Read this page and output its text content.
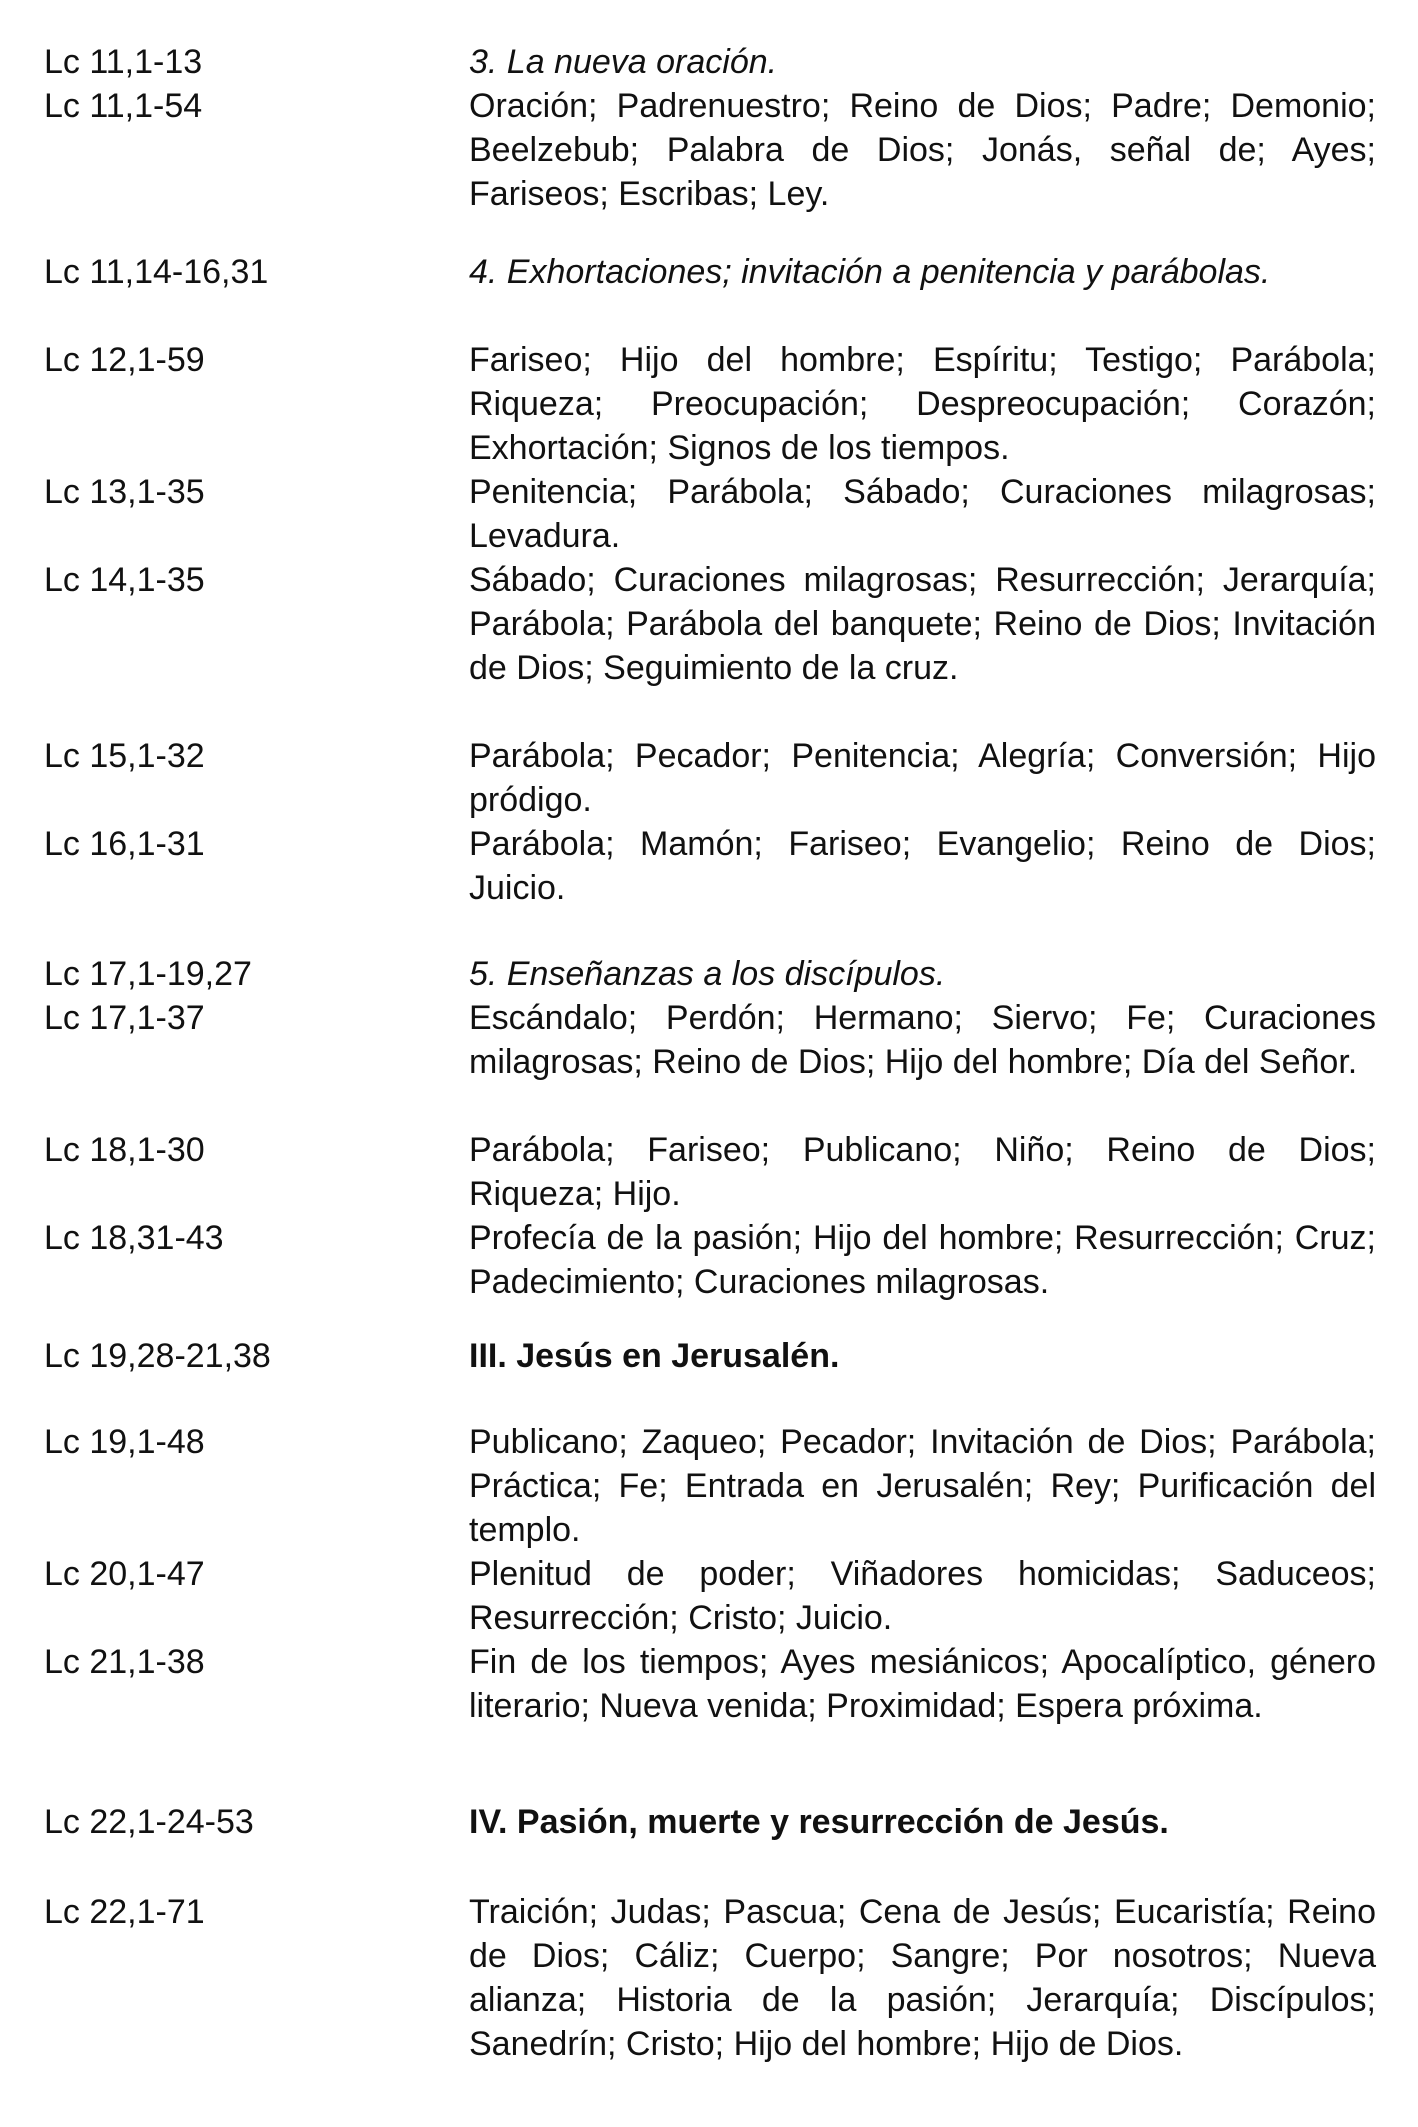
Lc 11,1-13	3. La nueva oración.
Lc 11,1-54	Oración; Padrenuestro; Reino de Dios; Padre; Demonio; Beelzebub; Palabra de Dios; Jonás, señal de; Ayes; Fariseos; Escribas; Ley.
Lc 11,14-16,31	4. Exhortaciones; invitación a penitencia y parábolas.
Lc 12,1-59	Fariseo; Hijo del hombre; Espíritu; Testigo; Parábola; Riqueza; Preocupación; Despreocupación; Corazón; Exhortación; Signos de los tiempos.
Lc 13,1-35	Penitencia; Parábola; Sábado; Curaciones milagrosas; Levadura.
Lc 14,1-35	Sábado; Curaciones milagrosas; Resurrección; Jerarquía; Parábola; Parábola del banquete; Reino de Dios; Invitación de Dios; Seguimiento de la cruz.
Lc 15,1-32	Parábola; Pecador; Penitencia; Alegría; Conversión; Hijo pródigo.
Lc 16,1-31	Parábola; Mamón; Fariseo; Evangelio; Reino de Dios; Juicio.
Lc 17,1-19,27	5. Enseñanzas a los discípulos.
Lc 17,1-37	Escándalo; Perdón; Hermano; Siervo; Fe; Curaciones milagrosas; Reino de Dios; Hijo del hombre; Día del Señor.
Lc 18,1-30	Parábola; Fariseo; Publicano; Niño; Reino de Dios; Riqueza; Hijo.
Lc 18,31-43	Profecía de la pasión; Hijo del hombre; Resurrección; Cruz; Padecimiento; Curaciones milagrosas.
Lc 19,28-21,38	III. Jesús en Jerusalén.
Lc 19,1-48	Publicano; Zaqueo; Pecador; Invitación de Dios; Parábola; Práctica; Fe; Entrada en Jerusalén; Rey; Purificación del templo.
Lc 20,1-47	Plenitud de poder; Viñadores homicidas; Saduceos; Resurrección; Cristo; Juicio.
Lc 21,1-38	Fin de los tiempos; Ayes mesiánicos; Apocalíptico, género literario; Nueva venida; Proximidad; Espera próxima.
Lc 22,1-24-53	IV. Pasión, muerte y resurrección de Jesús.
Lc 22,1-71	Traición; Judas; Pascua; Cena de Jesús; Eucaristía; Reino de Dios; Cáliz; Cuerpo; Sangre; Por nosotros; Nueva alianza; Historia de la pasión; Jerarquía; Discípulos; Sanedrín; Cristo; Hijo del hombre; Hijo de Dios.
